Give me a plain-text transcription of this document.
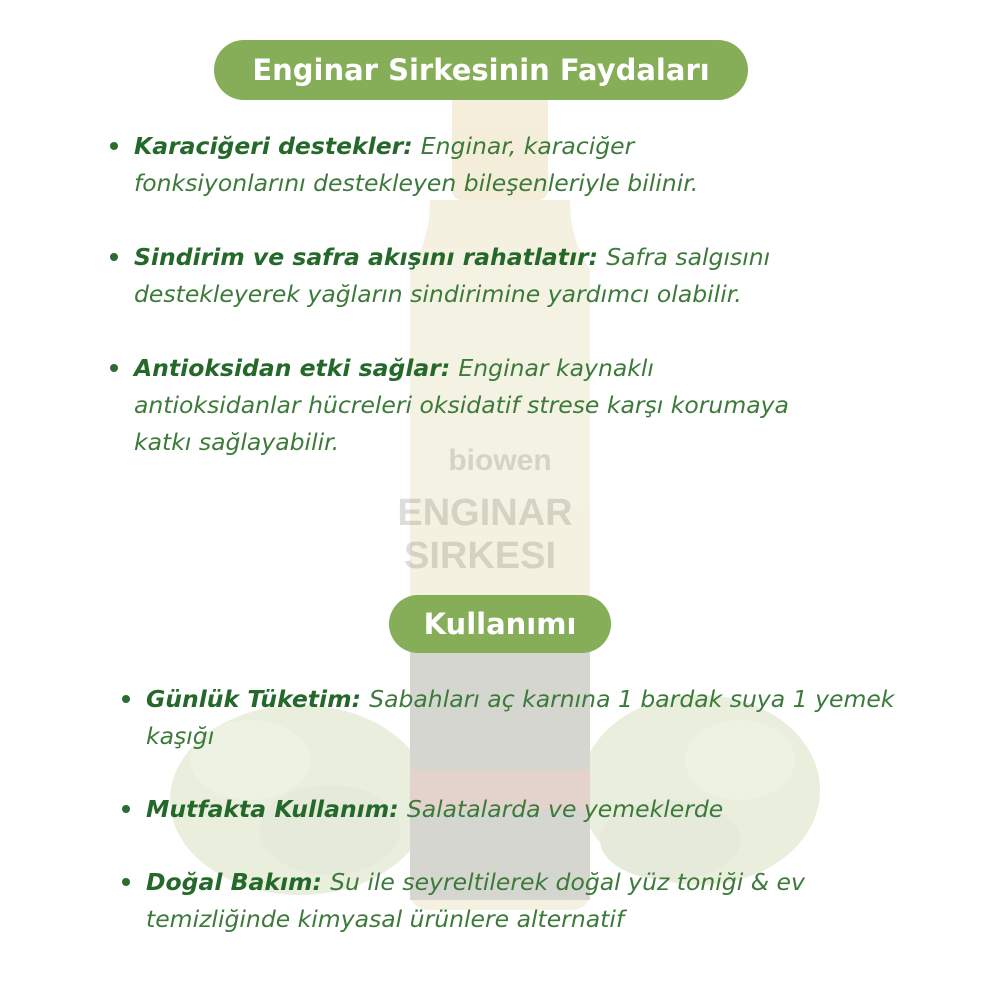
biowen
ENGINAR
SIRKESI
Enginar Sirkesinin Faydaları
Karaciğeri destekler: Enginar, karaciğer fonksiyonlarını destekleyen bileşenleriyle bilinir.
Sindirim ve safra akışını rahatlatır: Safra salgısını destekleyerek yağların sindirimine yardımcı olabilir.
Antioksidan etki sağlar: Enginar kaynaklı antioksidanlar hücreleri oksidatif strese karşı korumaya katkı sağlayabilir.
Kullanımı
Günlük Tüketim: Sabahları aç karnına 1 bardak suya 1 yemek kaşığı
Mutfakta Kullanım: Salatalarda ve yemeklerde
Doğal Bakım: Su ile seyreltilerek doğal yüz toniği & ev temizliğinde kimyasal ürünlere alternatif
